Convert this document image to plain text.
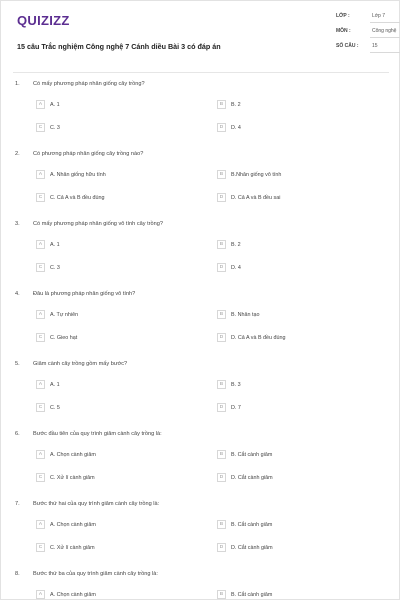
QUIZIZZ
15 câu Trắc nghiệm Công nghệ 7 Cánh diều Bài 3 có đáp án
LỚP :	Lớp 7
MÔN :	Công nghệ
SỐ CÂU :	15
1. Có mấy phương pháp nhân giống cây trồng?
A	A. 1	B	B. 2
C	C. 3	D	D. 4
2. Có phương pháp nhân giống cây trồng nào?
A	A. Nhân giống hữu tính	B	B.Nhân giống vô tính
C	C. Cả A và B đều đúng	D	D. Cả A và B đều sai
3. Có mấy phương pháp nhân giống vô tính cây trồng?
A	A. 1	B	B. 2
C	C. 3	D	D. 4
4. Đâu là phương pháp nhân giống vô tính?
A	A. Tự nhiên	B	B. Nhân tạo
C	C. Gieo hạt	D	D. Cả A và B đều đúng
5. Giâm cành cây trồng gồm mấy bước?
A	A. 1	B	B. 3
C	C. 5	D	D. 7
6. Bước đầu tiên của quy trình giâm cành cây trồng là:
A	A. Chọn cành giâm	B	B. Cắt cành giâm
C	C. Xử lí cành giâm	D	D. Cắt cành giâm
7. Bước thứ hai của quy trình giâm cành cây trồng là:
A	A. Chọn cành giâm	B	B. Cắt cành giâm
C	C. Xử lí cành giâm	D	D. Cắt cành giâm
8. Bước thứ ba của quy trình giâm cành cây trồng là:
A	A. Chọn cành giâm	B	B. Cắt cành giâm
